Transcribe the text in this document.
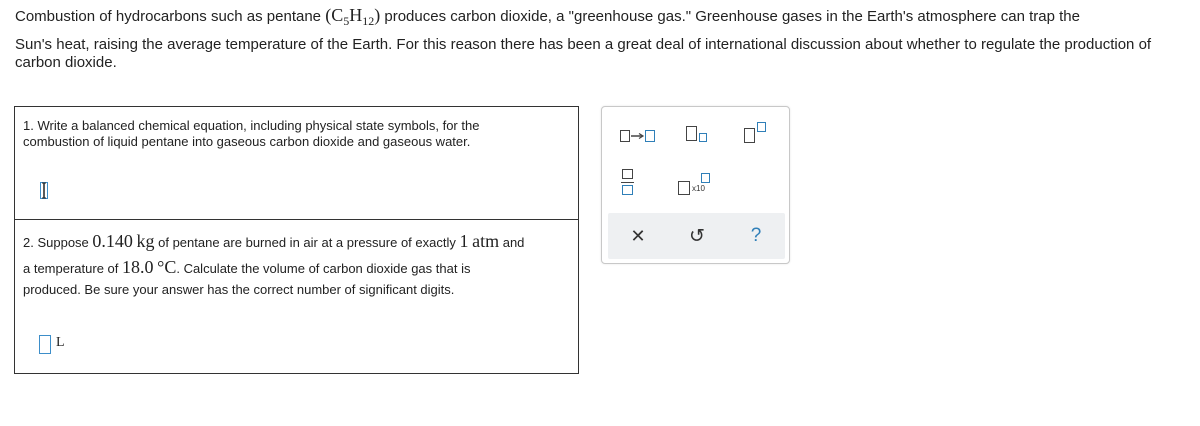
Combustion of hydrocarbons such as pentane $(C_5H_{12})$ produces carbon dioxide, a "greenhouse gas." Greenhouse gases in the Earth's atmosphere can trap the

Sun's heat, raising the average temperature of the Earth. For this reason there has been a great deal of international discussion about whether to regulate the production of carbon dioxide.

1. Write a balanced chemical equation, including physical state symbols, for the combustion of liquid pentane into gaseous carbon dioxide and gaseous water.
2. Suppose 0.140 kg of pentane are burned in air at a pressure of exactly 1 atm and
a temperature of 18.0 °C. Calculate the volume of carbon dioxide gas that is
produced. Be sure your answer has the correct number of significant digits.
L
x10
✕ ↺ ?
